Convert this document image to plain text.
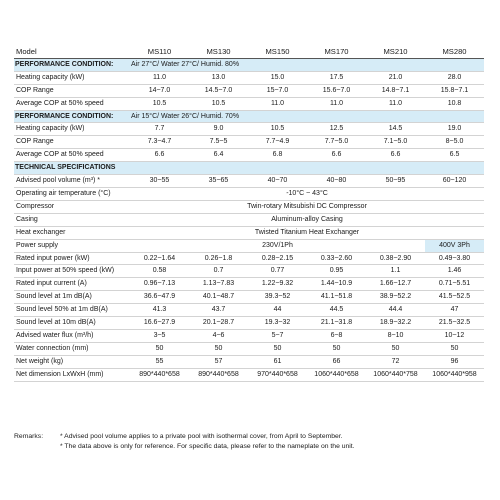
Model	MS110	MS130	MS150	MS170	MS210	MS280
PERFORMANCE CONDITION:	Air 27°C/ Water 27°C/ Humid. 80%					
Heating capacity (kW)	11.0	13.0	15.0	17.5	21.0	28.0
COP Range	14~7.0	14.5~7.0	15~7.0	15.6~7.0	14.8~7.1	15.8~7.1
Average COP at 50% speed	10.5	10.5	11.0	11.0	11.0	10.8
PERFORMANCE CONDITION:	Air 15°C/ Water 26°C/ Humid. 70%					
Heating capacity (kW)	7.7	9.0	10.5	12.5	14.5	19.0
COP Range	7.3~4.7	7.5~5	7.7~4.9	7.7~5.0	7.1~5.0	8~5.0
Average COP at 50% speed	6.6	6.4	6.8	6.6	6.6	6.5
TECHNICAL SPECIFICATIONS						
Advised pool volume (m³) *	30~55	35~65	40~70	40~80	50~95	60~120
Operating air temperature (°C)	-10°C ~ 43°C					
Compressor	Twin-rotary Mitsubishi DC Compressor					
Casing	Aluminum-alloy Casing					
Heat exchanger	Twisted Titanium Heat Exchanger					
Power supply	230V/1Ph					400V 3Ph
Rated input power (kW)	0.22~1.64	0.26~1.8	0.28~2.15	0.33~2.60	0.38~2.90	0.49~3.80
Input power at 50% speed (kW)	0.58	0.7	0.77	0.95	1.1	1.46
Rated input current (A)	0.96~7.13	1.13~7.83	1.22~9.32	1.44~10.9	1.66~12.7	0.71~5.51
Sound level at 1m dB(A)	36.6~47.9	40.1~48.7	39.3~52	41.1~51.8	38.9~52.2	41.5~52.5
Sound level 50% at 1m dB(A)	41.3	43.7	44	44.5	44.4	47
Sound level at 10m dB(A)	16.6~27.9	20.1~28.7	19.3~32	21.1~31.8	18.9~32.2	21.5~32.5
Advised water flux (m³/h)	3~5	4~6	5~7	6~8	8~10	10~12
Water connection (mm)	50	50	50	50	50	50
Net weight (kg)	55	57	61	66	72	96
Net dimension LxWxH (mm)	890*440*658	890*440*658	970*440*658	1060*440*658	1060*440*758	1060*440*958
Remarks:	* Advised pool volume applies to a private pool with isothermal cover, from April to September.
* The data above is only for reference. For specific data, please refer to the nameplate on the unit.
